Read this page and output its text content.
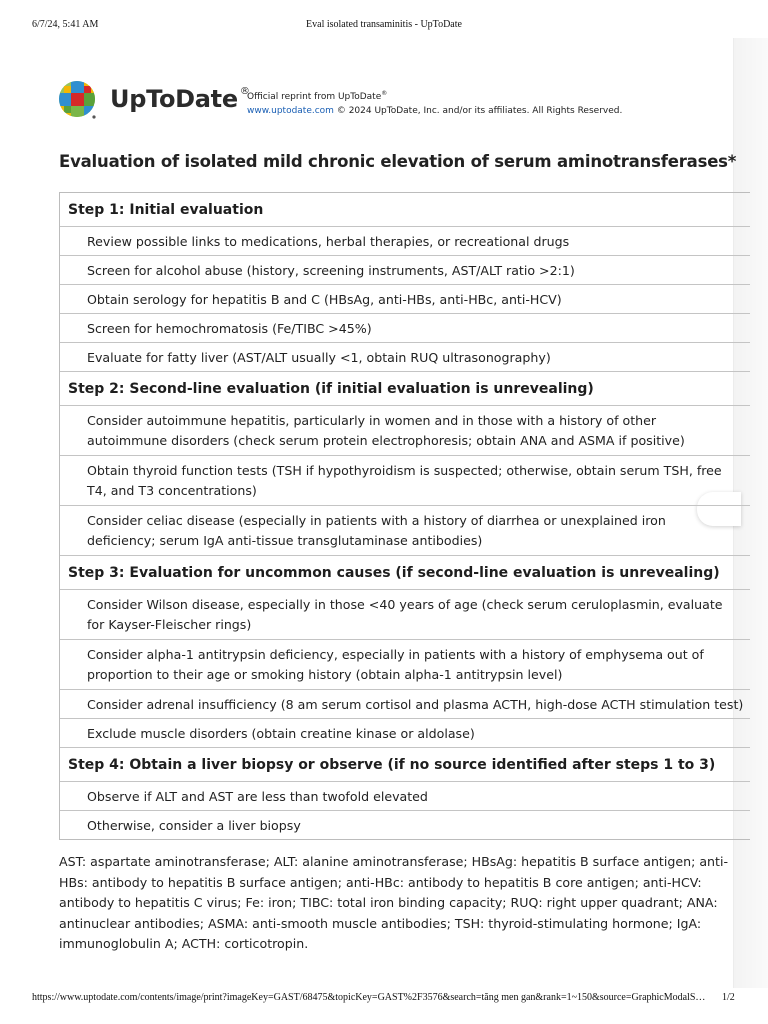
6/7/24, 5:41 AM	Eval isolated transaminitis - UpToDate
UpToDate ®
Official reprint from UpToDate®
www.uptodate.com © 2024 UpToDate, Inc. and/or its affiliates. All Rights Reserved.
Evaluation of isolated mild chronic elevation of serum aminotransferases*
Step 1: Initial evaluation
Review possible links to medications, herbal therapies, or recreational drugs
Screen for alcohol abuse (history, screening instruments, AST/ALT ratio >2:1)
Obtain serology for hepatitis B and C (HBsAg, anti-HBs, anti-HBc, anti-HCV)
Screen for hemochromatosis (Fe/TIBC >45%)
Evaluate for fatty liver (AST/ALT usually <1, obtain RUQ ultrasonography)
Step 2: Second-line evaluation (if initial evaluation is unrevealing)
Consider autoimmune hepatitis, particularly in women and in those with a history of other autoimmune disorders (check serum protein electrophoresis; obtain ANA and ASMA if positive)
Obtain thyroid function tests (TSH if hypothyroidism is suspected; otherwise, obtain serum TSH, free T4, and T3 concentrations)
Consider celiac disease (especially in patients with a history of diarrhea or unexplained iron deficiency; serum IgA anti-tissue transglutaminase antibodies)
Step 3: Evaluation for uncommon causes (if second-line evaluation is unrevealing)
Consider Wilson disease, especially in those <40 years of age (check serum ceruloplasmin, evaluate for Kayser-Fleischer rings)
Consider alpha-1 antitrypsin deficiency, especially in patients with a history of emphysema out of proportion to their age or smoking history (obtain alpha-1 antitrypsin level)
Consider adrenal insufficiency (8 am serum cortisol and plasma ACTH, high-dose ACTH stimulation test)
Exclude muscle disorders (obtain creatine kinase or aldolase)
Step 4: Obtain a liver biopsy or observe (if no source identified after steps 1 to 3)
Observe if ALT and AST are less than twofold elevated
Otherwise, consider a liver biopsy

AST: aspartate aminotransferase; ALT: alanine aminotransferase; HBsAg: hepatitis B surface antigen; anti-HBs: antibody to hepatitis B surface antigen; anti-HBc: antibody to hepatitis B core antigen; anti-HCV: antibody to hepatitis C virus; Fe: iron; TIBC: total iron binding capacity; RUQ: right upper quadrant; ANA: antinuclear antibodies; ASMA: anti-smooth muscle antibodies; TSH: thyroid-stimulating hormone; IgA: immunoglobulin A; ACTH: corticotropin.

https://www.uptodate.com/contents/image/print?imageKey=GAST/68475&topicKey=GAST%2F3576&search=tăng men gan&rank=1~150&source=GraphicModalS… 1/2
